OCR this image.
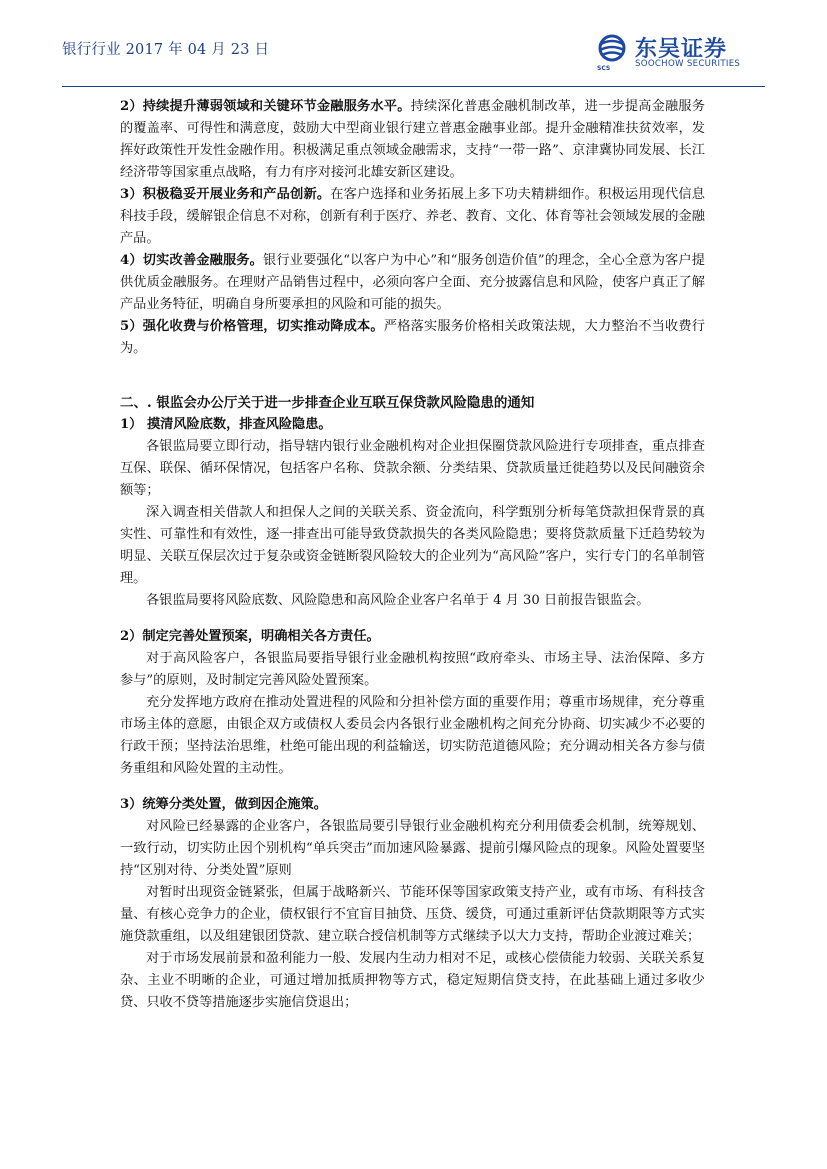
银行行业 2017 年 04 月 23 日
SCS
东吴证券
SOOCHOW SECURITIES

2）持续提升薄弱领域和关键环节金融服务水平。持续深化普惠金融机制改革，进一步提高金融服务的覆盖率、可得性和满意度，鼓励大中型商业银行建立普惠金融事业部。提升金融精准扶贫效率，发挥好政策性开发性金融作用。积极满足重点领域金融需求，支持“一带一路”、京津冀协同发展、长江经济带等国家重点战略，有力有序对接河北雄安新区建设。

3）积极稳妥开展业务和产品创新。在客户选择和业务拓展上多下功夫精耕细作。积极运用现代信息科技手段，缓解银企信息不对称，创新有利于医疗、养老、教育、文化、体育等社会领域发展的金融产品。

4）切实改善金融服务。银行业要强化“以客户为中心”和“服务创造价值”的理念，全心全意为客户提供优质金融服务。在理财产品销售过程中，必须向客户全面、充分披露信息和风险，使客户真正了解产品业务特征，明确自身所要承担的风险和可能的损失。

5）强化收费与价格管理，切实推动降成本。严格落实服务价格相关政策法规，大力整治不当收费行为。

二、. 银监会办公厅关于进一步排查企业互联互保贷款风险隐患的通知

1） 摸清风险底数，排查风险隐患。

各银监局要立即行动，指导辖内银行业金融机构对企业担保圈贷款风险进行专项排查，重点排查互保、联保、循环保情况，包括客户名称、贷款余额、分类结果、贷款质量迁徙趋势以及民间融资余额等；

深入调查相关借款人和担保人之间的关联关系、资金流向，科学甄别分析每笔贷款担保背景的真实性、可靠性和有效性，逐一排查出可能导致贷款损失的各类风险隐患；要将贷款质量下迁趋势较为明显、关联互保层次过于复杂或资金链断裂风险较大的企业列为“高风险”客户，实行专门的名单制管理。

各银监局要将风险底数、风险隐患和高风险企业客户名单于 4 月 30 日前报告银监会。

2）制定完善处置预案，明确相关各方责任。

对于高风险客户，各银监局要指导银行业金融机构按照“政府牵头、市场主导、法治保障、多方参与”的原则，及时制定完善风险处置预案。

充分发挥地方政府在推动处置进程的风险和分担补偿方面的重要作用；尊重市场规律，充分尊重市场主体的意愿，由银企双方或债权人委员会内各银行业金融机构之间充分协商、切实减少不必要的行政干预；坚持法治思维，杜绝可能出现的利益输送，切实防范道德风险；充分调动相关各方参与债务重组和风险处置的主动性。

3）统筹分类处置，做到因企施策。

对风险已经暴露的企业客户，各银监局要引导银行业金融机构充分利用债委会机制，统筹规划、一致行动，切实防止因个别机构“单兵突击”而加速风险暴露、提前引爆风险点的现象。风险处置要坚持“区别对待、分类处置”原则

对暂时出现资金链紧张，但属于战略新兴、节能环保等国家政策支持产业，或有市场、有科技含量、有核心竞争力的企业，债权银行不宜盲目抽贷、压贷、缓贷，可通过重新评估贷款期限等方式实施贷款重组，以及组建银团贷款、建立联合授信机制等方式继续予以大力支持，帮助企业渡过难关；

对于市场发展前景和盈利能力一般、发展内生动力相对不足，或核心偿债能力较弱、关联关系复杂、主业不明晰的企业，可通过增加抵质押物等方式，稳定短期信贷支持，在此基础上通过多收少贷、只收不贷等措施逐步实施信贷退出；
